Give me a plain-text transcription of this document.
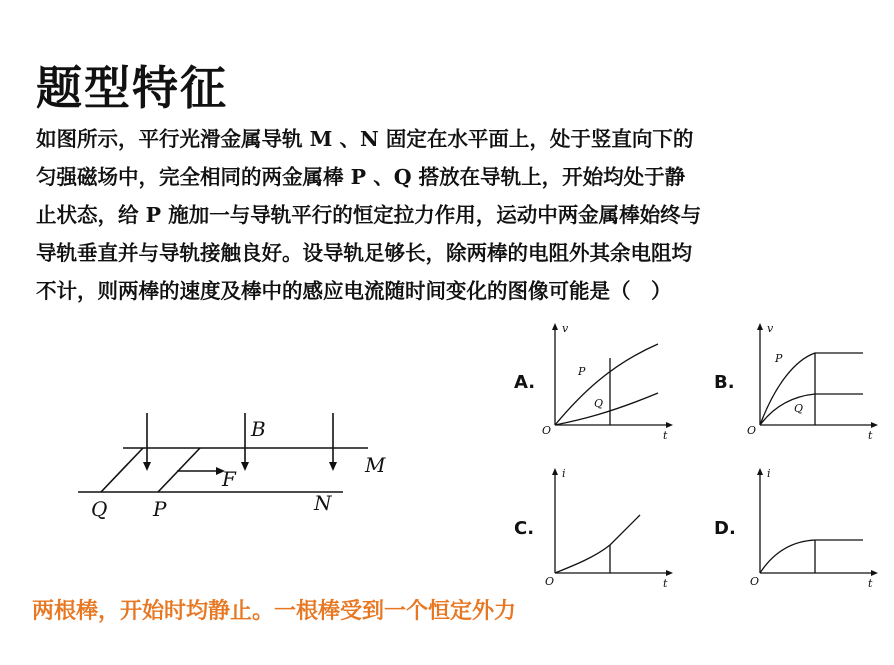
题型特征
如图所示，平行光滑金属导轨 M 、N 固定在水平面上，处于竖直向下的
匀强磁场中，完全相同的两金属棒 P 、Q 搭放在导轨上，开始均处于静
止状态，给 P 施加一与导轨平行的恒定拉力作用，运动中两金属棒始终与
导轨垂直并与导轨接触良好。设导轨足够长，除两棒的电阻外其余电阻均
不计，则两棒的速度及棒中的感应电流随时间变化的图像可能是（　）
B
F
M
N
Q P
A.
v
t
O
P
Q
B.
v
t
O
P
Q
C.
i
t
O
D.
i
t
O
两根棒，开始时均静止。一根棒受到一个恒定外力
